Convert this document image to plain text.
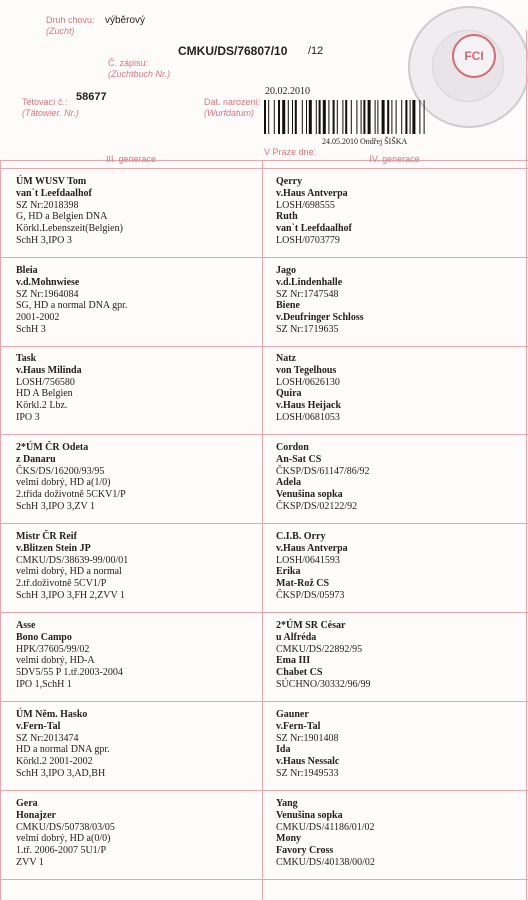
FCI
Druh chovu:
(Zucht)
výběrový
Č. zápisu:
(Zuchtbuch Nr.)
CMKU/DS/76807/10 /12
Tetovací č.:
(Tätowier. Nr.)
58677	Dat. narození:
(Wurfdatum)
20.02.2010
24.05.2010 Ondřej ŠIŠKA
V Praze dne:
III. generace	IV. generace
ÚM WUSV Tom
van`t Leefdaalhof
SZ Nr:2018398
G, HD a Belgien DNA
Körkl.Lebenszeit(Belgien)
SchH 3,IPO 3
Qerry
v.Haus Antverpa
LOSH/698555
Ruth
van`t Leefdaalhof
LOSH/0703779
Bleia
v.d.Mohnwiese
SZ Nr:1964084
SG, HD a normal DNA gpr.
2001-2002
SchH 3
Jago
v.d.Lindenhalle
SZ Nr:1747548
Biene
v.Deufringer Schloss
SZ Nr:1719635
Task
v.Haus Milinda
LOSH/756580
HD A Belgien
Körkl.2 Lbz.
IPO 3
Natz
von Tegelhous
LOSH/0626130
Quira
v.Haus Heijack
LOSH/0681053
2*ÚM ČR Odeta
z Danaru
ČKS/DS/16200/93/95
velmi dobrý, HD a(1/0)
2.třída doživotně 5CKV1/P
SchH 3,IPO 3,ZV 1
Cordon
An-Sat CS
ČKSP/DS/61147/86/92
Adela
Venušina sopka
ČKSP/DS/02122/92
Mistr ČR Reif
v.Blitzen Stein JP
CMKU/DS/38639-99/00/01
velmi dobrý, HD a normal
2.tř.doživotně 5CV1/P
SchH 3,IPO 3,FH 2,ZVV 1
C.I.B. Orry
v.Haus Antverpa
LOSH/0641593
Erika
Mat-Rož CS
ČKSP/DS/05973
Asse
Bono Campo
HPK/37605/99/02
velmi dobrý, HD-A
5DV5/55 P 1.tř.2003-2004
IPO 1,SchH 1
2*ÚM SR César
u Alfréda
CMKU/DS/22892/95
Ema III
Chabet CS
SÚCHNO/30332/96/99
ÚM Něm. Hasko
v.Fern-Tal
SZ Nr:2013474
HD a normal DNA gpr.
Körkl.2 2001-2002
SchH 3,IPO 3,AD,BH
Gauner
v.Fern-Tal
SZ Nr:1901408
Ida
v.Haus Nessalc
SZ Nr:1949533
Gera
Honajzer
CMKU/DS/50738/03/05
velmi dobrý, HD a(0/0)
1.tř. 2006-2007 5U1/P
ZVV 1
Yang
Venušina sopka
CMKU/DS/41186/01/02
Mony
Favory Cross
CMKU/DS/40138/00/02
